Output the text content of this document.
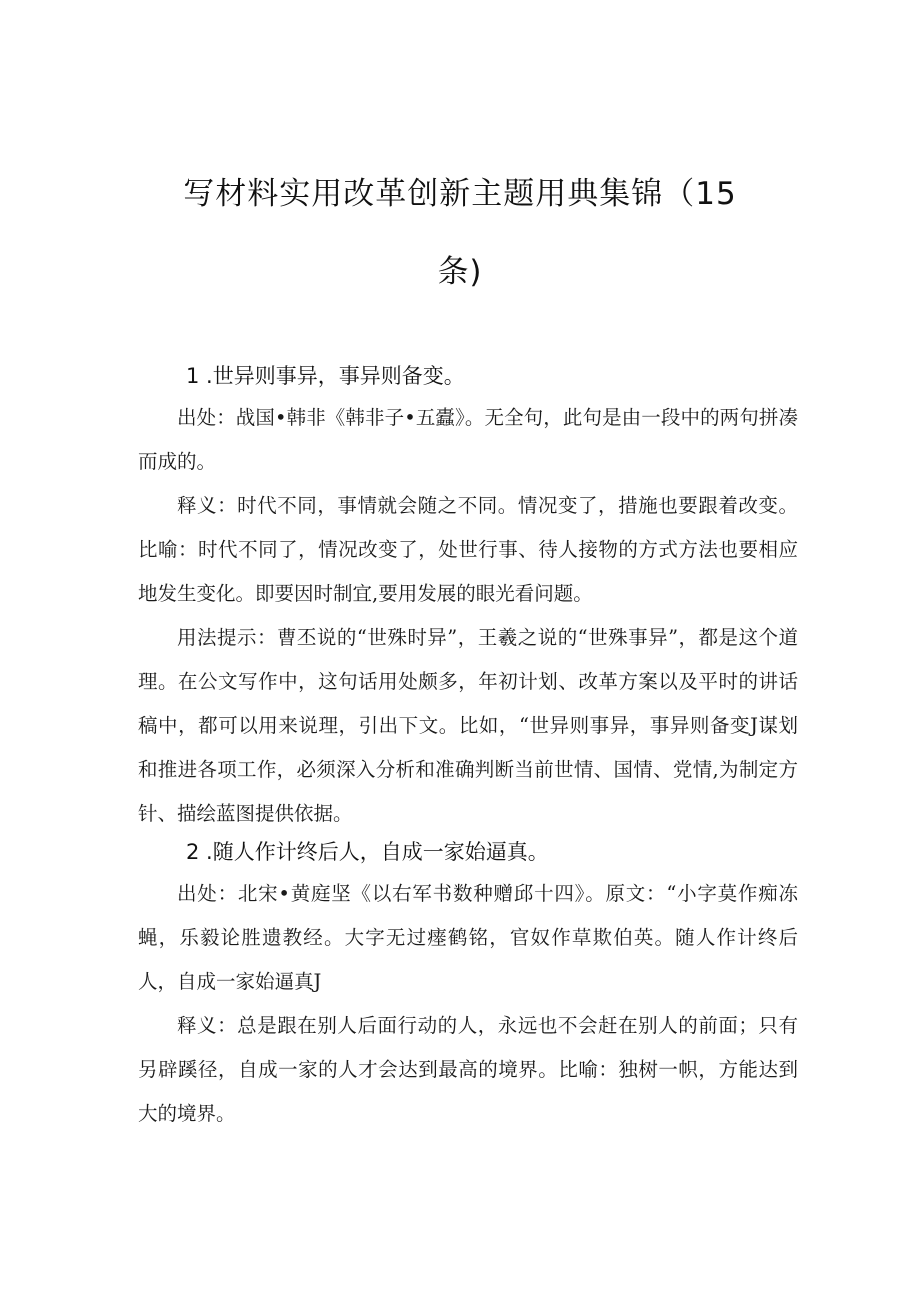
写材料实用改革创新主题用典集锦（15
条)
1 .世异则事异，事异则备变。

出处：战国•韩非《韩非子•五蠹》。无全句，此句是由一段中的两句拼凑而成的。

释义：时代不同，事情就会随之不同。情况变了，措施也要跟着改变。比喻：时代不同了，情况改变了，处世行事、待人接物的方式方法也要相应地发生变化。即要因时制宜,要用发展的眼光看问题。

用法提示：曹丕说的“世殊时异”，王羲之说的“世殊事异”，都是这个道理。在公文写作中，这句话用处颇多，年初计划、改革方案以及平时的讲话稿中，都可以用来说理，引出下文。比如，“世异则事异，事异则备变J谋划和推进各项工作，必须深入分析和准确判断当前世情、国情、党情,为制定方针、描绘蓝图提供依据。

2 .随人作计终后人，自成一家始逼真。

出处：北宋•黄庭坚《以右军书数种赠邱十四》。原文：“小字莫作痴冻蝇，乐毅论胜遗教经。大字无过瘗鹤铭，官奴作草欺伯英。随人作计终后人，自成一家始逼真J

释义：总是跟在别人后面行动的人，永远也不会赶在别人的前面；只有另辟蹊径，自成一家的人才会达到最高的境界。比喻：独树一帜，方能达到大的境界。
